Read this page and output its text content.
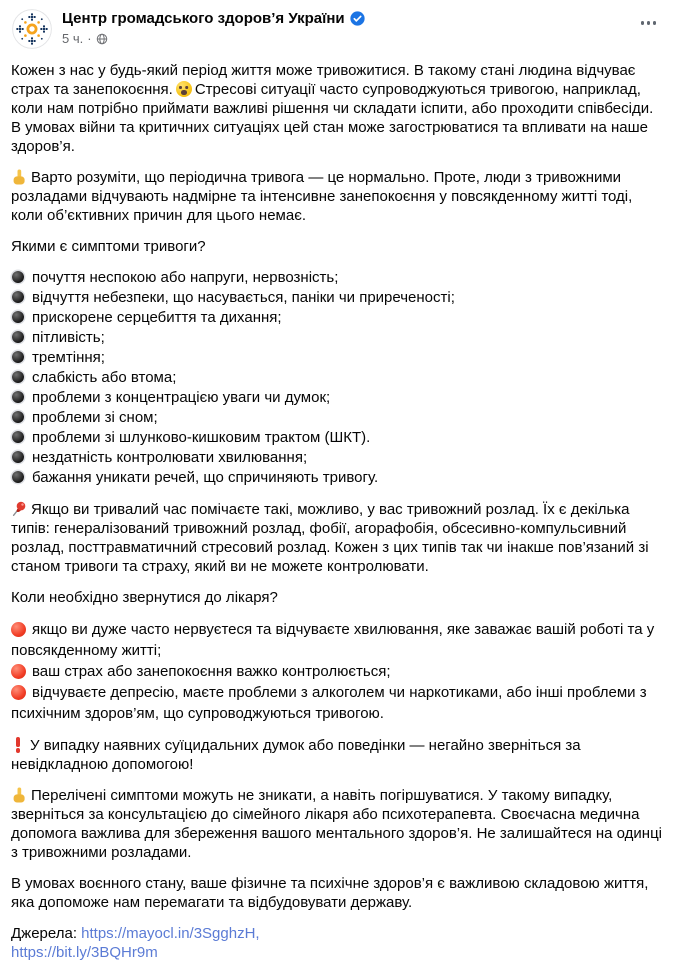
Центр громадського здоров’я України
5 ч. ·
Кожен з нас у будь-який період життя може тривожитися. В такому стані людина відчуває страх та занепокоєння. Стресові ситуації часто супроводжуються тривогою, наприклад, коли нам потрібно приймати важливі рішення чи складати іспити, або проходити співбесіди. В умовах війни та критичних ситуаціях цей стан може загострюватися та впливати на наше здоров’я.
Варто розуміти, що періодична тривога — це нормально. Проте, люди з тривожними розладами відчувають надмірне та інтенсивне занепокоєння у повсякденному житті тоді, коли об’єктивних причин для цього немає.
Якими є симптоми тривоги?
почуття неспокою або напруги, нервозність;
відчуття небезпеки, що насувається, паніки чи приреченості;
прискорене серцебиття та дихання;
пітливість;
тремтіння;
слабкість або втома;
проблеми з концентрацією уваги чи думок;
проблеми зі сном;
проблеми зі шлунково-кишковим трактом (ШКТ).
нездатність контролювати хвилювання;
бажання уникати речей, що спричиняють тривогу.
Якщо ви тривалий час помічаєте такі, можливо, у вас тривожний розлад. Їх є декілька типів: генералізований тривожний розлад, фобії, агорафобія, обсесивно-компульсивний розлад, посттравматичний стресовий розлад. Кожен з цих типів так чи інакше пов’язаний зі станом тривоги та страху, який ви не можете контролювати.
Коли необхідно звернутися до лікаря?
якщо ви дуже часто нервуєтеся та відчуваєте хвилювання, яке заважає вашій роботі та у повсякденному житті;
ваш страх або занепокоєння важко контролюється;
відчуваєте депресію, маєте проблеми з алкоголем чи наркотиками, або інші проблеми з психічним здоров’ям, що супроводжуються тривогою.
У випадку наявних суїцидальних думок або поведінки — негайно зверніться за невідкладною допомогою!
Перелічені симптоми можуть не зникати, а навіть погіршуватися. У такому випадку, зверніться за консультацією до сімейного лікаря або психотерапевта. Своєчасна медична допомога важлива для збереження вашого ментального здоров’я. Не залишайтеся на одинці з тривожними розладами.
В умовах воєнного стану, ваше фізичне та психічне здоров’я є важливою складовою життя, яка допоможе нам перемагати та відбудовувати державу.
Джерела: https://mayocl.in/3SgghzH,
https://bit.ly/3BQHr9m
